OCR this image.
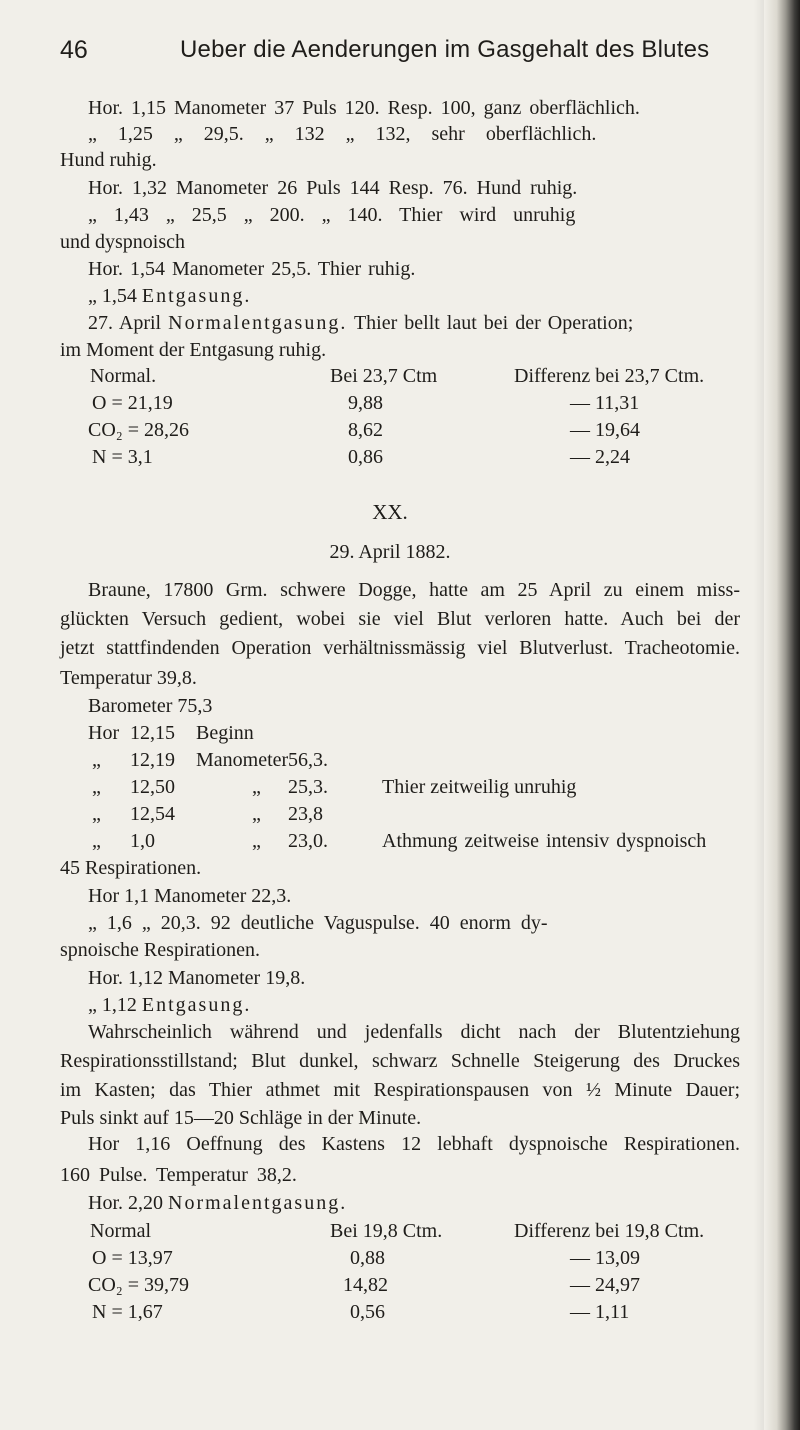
46	Ueber die Aenderungen im Gasgehalt des Blutes
Hor. 1,15 Manometer 37 Puls 120. Resp. 100, ganz oberflächlich.
„ 1,25 „ 29,5. „ 132 „ 132, sehr oberflächlich.
Hund ruhig.
Hor. 1,32 Manometer 26 Puls 144 Resp. 76. Hund ruhig.
„ 1,43 „ 25,5 „ 200. „ 140. Thier wird unruhig
und dyspnoisch
Hor. 1,54 Manometer 25,5. Thier ruhig.
„ 1,54 Entgasung.
27. April Normalentgasung. Thier bellt laut bei der Operation;
im Moment der Entgasung ruhig.
Normal.	Bei 23,7 Ctm	Differenz bei 23,7 Ctm.
O = 21,19	9,88	— 11,31
CO₂ = 28,26	8,62	— 19,64
N = 3,1	0,86	— 2,24
XX.
29. April 1882.
Braune, 17800 Grm. schwere Dogge, hatte am 25 April zu einem miss-
glückten Versuch gedient, wobei sie viel Blut verloren hatte. Auch bei der
jetzt stattfindenden Operation verhältnissmässig viel Blutverlust. Tracheotomie.
Temperatur 39,8.
Barometer 75,3
Hor 12,15 Beginn
„ 12,19 Manometer 56,3.
„ 12,50	„ 25,3.	Thier zeitweilig unruhig
„ 12,54	„ 23,8
„ 1,0	„ 23,0.	Athmung zeitweise intensiv dyspnoisch
45 Respirationen.
Hor 1,1 Manometer 22,3.
„ 1,6 „ 20,3. 92 deutliche Vaguspulse. 40 enorm dy-
spnoische Respirationen.
Hor. 1,12 Manometer 19,8.
„ 1,12 Entgasung.
Wahrscheinlich während und jedenfalls dicht nach der Blutentziehung
Respirationsstillstand; Blut dunkel, schwarz Schnelle Steigerung des Druckes
im Kasten; das Thier athmet mit Respirationspausen von ½ Minute Dauer;
Puls sinkt auf 15—20 Schläge in der Minute.
Hor 1,16 Oeffnung des Kastens 12 lebhaft dyspnoische Respirationen.
160 Pulse. Temperatur 38,2.
Hor. 2,20 Normalentgasung.
Normal	Bei 19,8 Ctm.	Differenz bei 19,8 Ctm.
O = 13,97	0,88	— 13,09
CO₂ = 39,79	14,82	— 24,97
N = 1,67	0,56	— 1,11
